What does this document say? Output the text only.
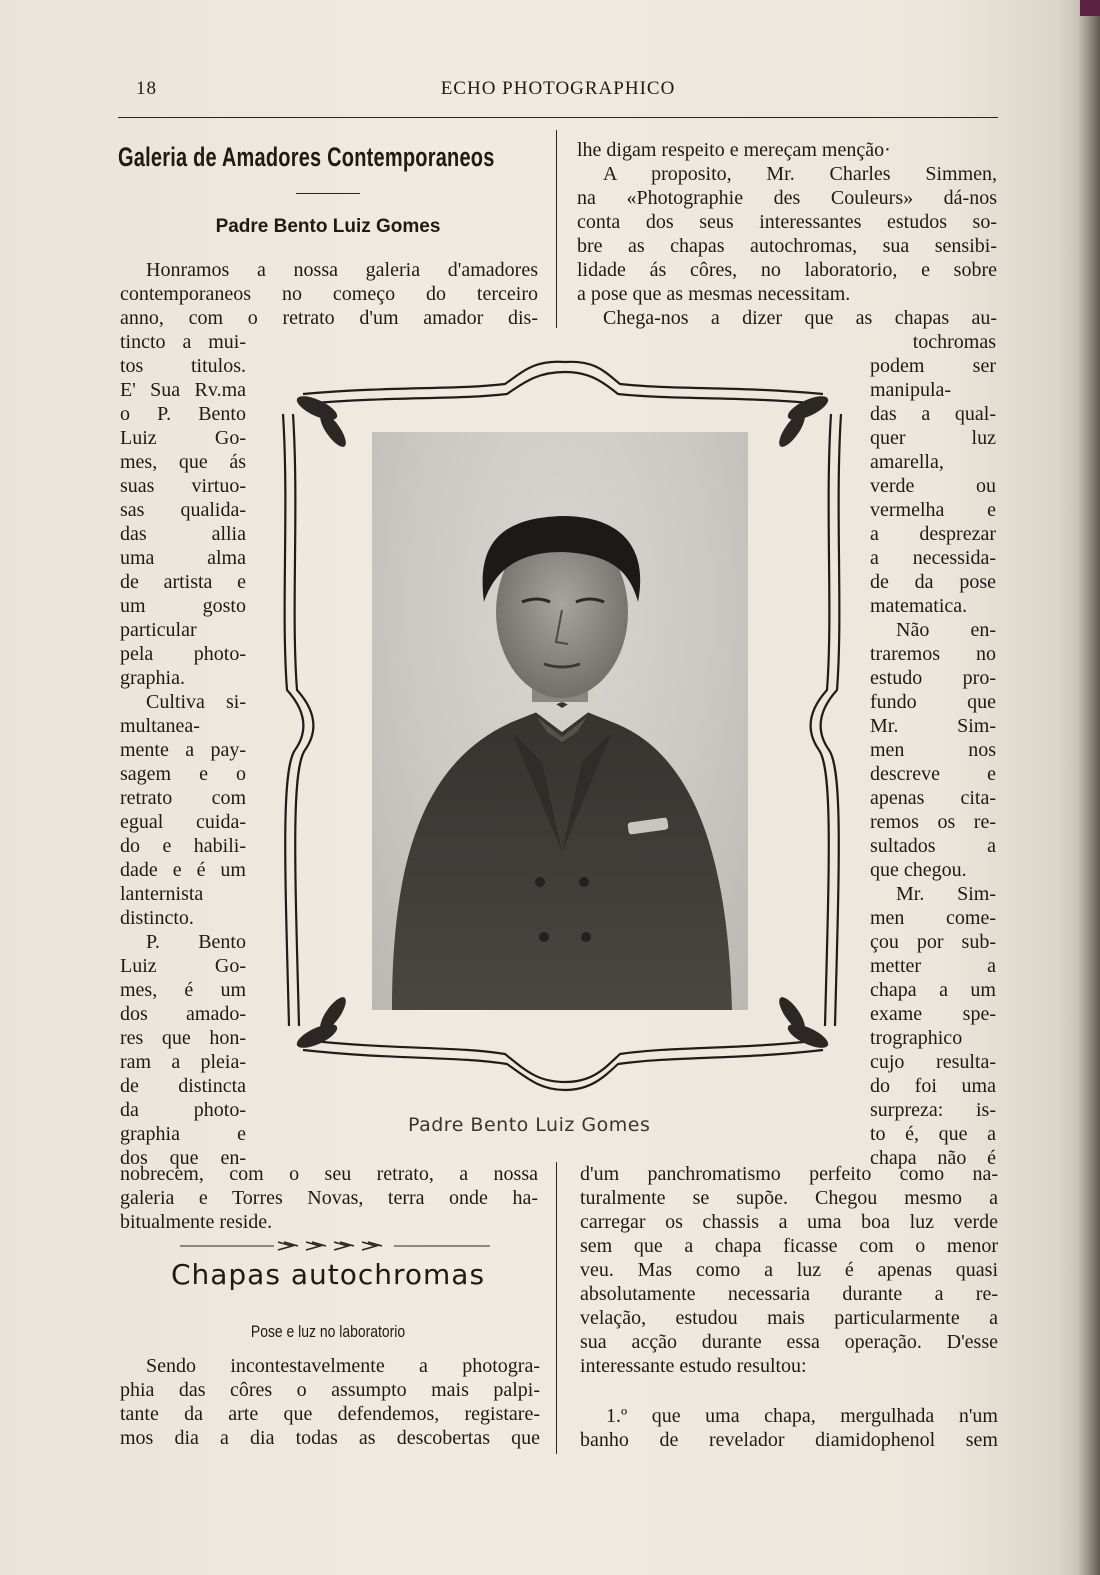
18	ECHO PHOTOGRAPHICO
Galeria de Amadores Contemporaneos
Padre Bento Luiz Gomes
Honramos a nossa galeria d'amadores
contemporaneos no começo do terceiro
anno, com o retrato d'um amador dis-
tincto a mui-
tos titulos.
E' Sua Rv.ma
o P. Bento
Luiz Go-
mes, que ás
suas virtuo-
sas qualida-
das allia
uma alma
de artista e
um gosto
particular
pela photo-
graphia.
Cultiva si-
multanea-
mente a pay-
sagem e o
retrato com
egual cuida-
do e habili-
dade e é um
lanternista
distincto.
P. Bento
Luiz Go-
mes, é um
dos amado-
res que hon-
ram a pleia-
de distincta
da photo-
graphia e
dos que en-
nobrecem, com o seu retrato, a nossa
galeria e Torres Novas, terra onde ha-
bitualmente reside.
Chapas autochromas
Pose e luz no laboratorio
Sendo incontestavelmente a photogra-
phia das côres o assumpto mais palpi-
tante da arte que defendemos, registare-
mos dia a dia todas as descobertas que
lhe digam respeito e mereçam menção·
A proposito, Mr. Charles Simmen,
na «Photographie des Couleurs» dá-nos
conta dos seus interessantes estudos so-
bre as chapas autochromas, sua sensibi-
lidade ás côres, no laboratorio, e sobre
a pose que as mesmas necessitam.
Chega-nos a dizer que as chapas au-
tochromas
podem ser
manipula-
das a qual-
quer luz
amarella,
verde ou
vermelha e
a desprezar
a necessida-
de da pose
matematica.
Não en-
traremos no
estudo pro-
fundo que
Mr. Sim-
men nos
descreve e
apenas cita-
remos os re-
sultados a
que chegou.
Mr. Sim-
men come-
çou por sub-
metter a
chapa a um
exame spe-
trographico
cujo resulta-
do foi uma
surpreza: is-
to é, que a
chapa não é
d'um panchromatismo perfeito como na-
turalmente se supõe. Chegou mesmo a
carregar os chassis a uma boa luz verde
sem que a chapa ficasse com o menor
veu. Mas como a luz é apenas quasi
absolutamente necessaria durante a re-
velação, estudou mais particularmente a
sua acção durante essa operação. D'esse
interessante estudo resultou:
1.º que uma chapa, mergulhada n'um
banho de revelador diamidophenol sem
Padre Bento Luiz Gomes
